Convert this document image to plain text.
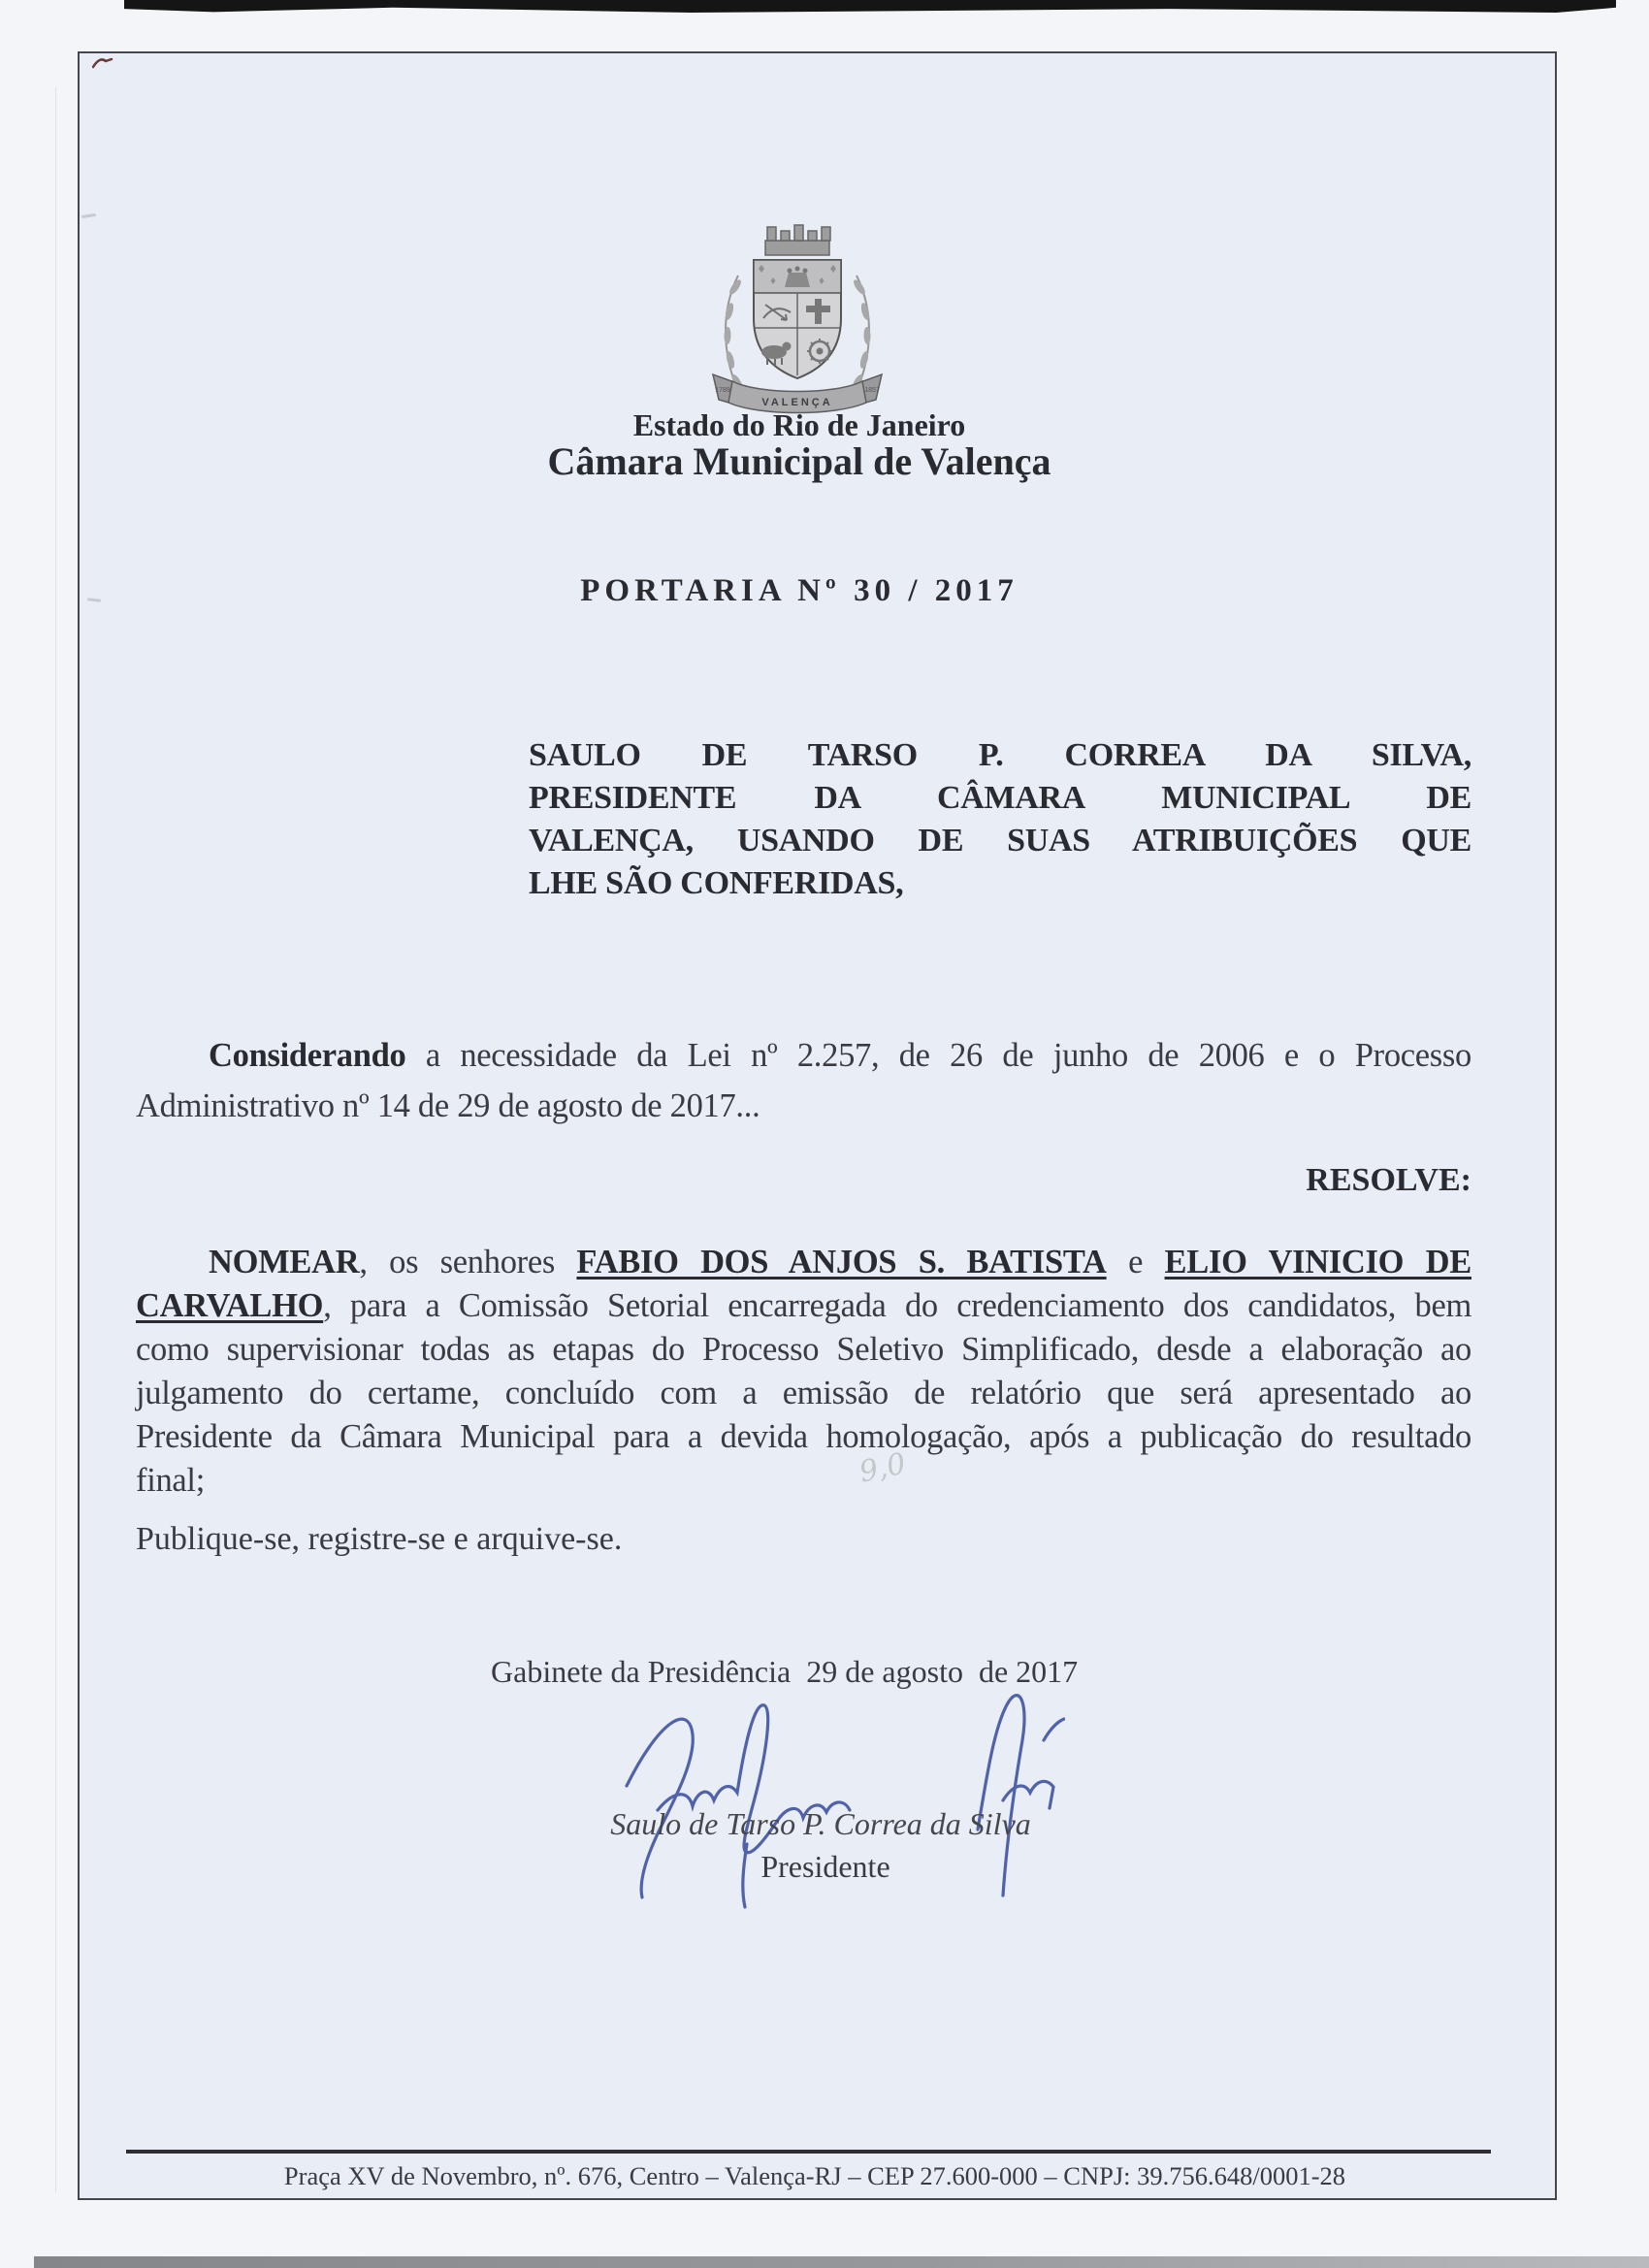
VALENÇA
1789	1857
Estado do Rio de Janeiro
Câmara Municipal de Valença
PORTARIA Nº 30 / 2017
SAULO DE TARSO P. CORREA DA SILVA,
PRESIDENTE DA CÂMARA MUNICIPAL DE
VALENÇA, USANDO DE SUAS ATRIBUIÇÕES QUE
LHE SÃO CONFERIDAS,
Considerando a necessidade da Lei nº 2.257, de 26 de junho de 2006 e o Processo
Administrativo nº 14 de 29 de agosto de 2017...
RESOLVE:
NOMEAR, os senhores FABIO DOS ANJOS S. BATISTA e ELIO VINICIO DE
CARVALHO, para a Comissão Setorial encarregada do credenciamento dos candidatos, bem
como supervisionar todas as etapas do Processo Seletivo Simplificado, desde a elaboração ao
julgamento do certame, concluído com a emissão de relatório que será apresentado ao
Presidente da Câmara Municipal para a devida homologação, após a publicação do resultado
final;	9,0
Publique-se, registre-se e arquive-se.
Gabinete da Presidência  29 de agosto  de 2017
Saulo de Tarso P. Correa da Silva
Presidente
Praça XV de Novembro, nº. 676, Centro – Valença-RJ – CEP 27.600-000 – CNPJ: 39.756.648/0001-28
